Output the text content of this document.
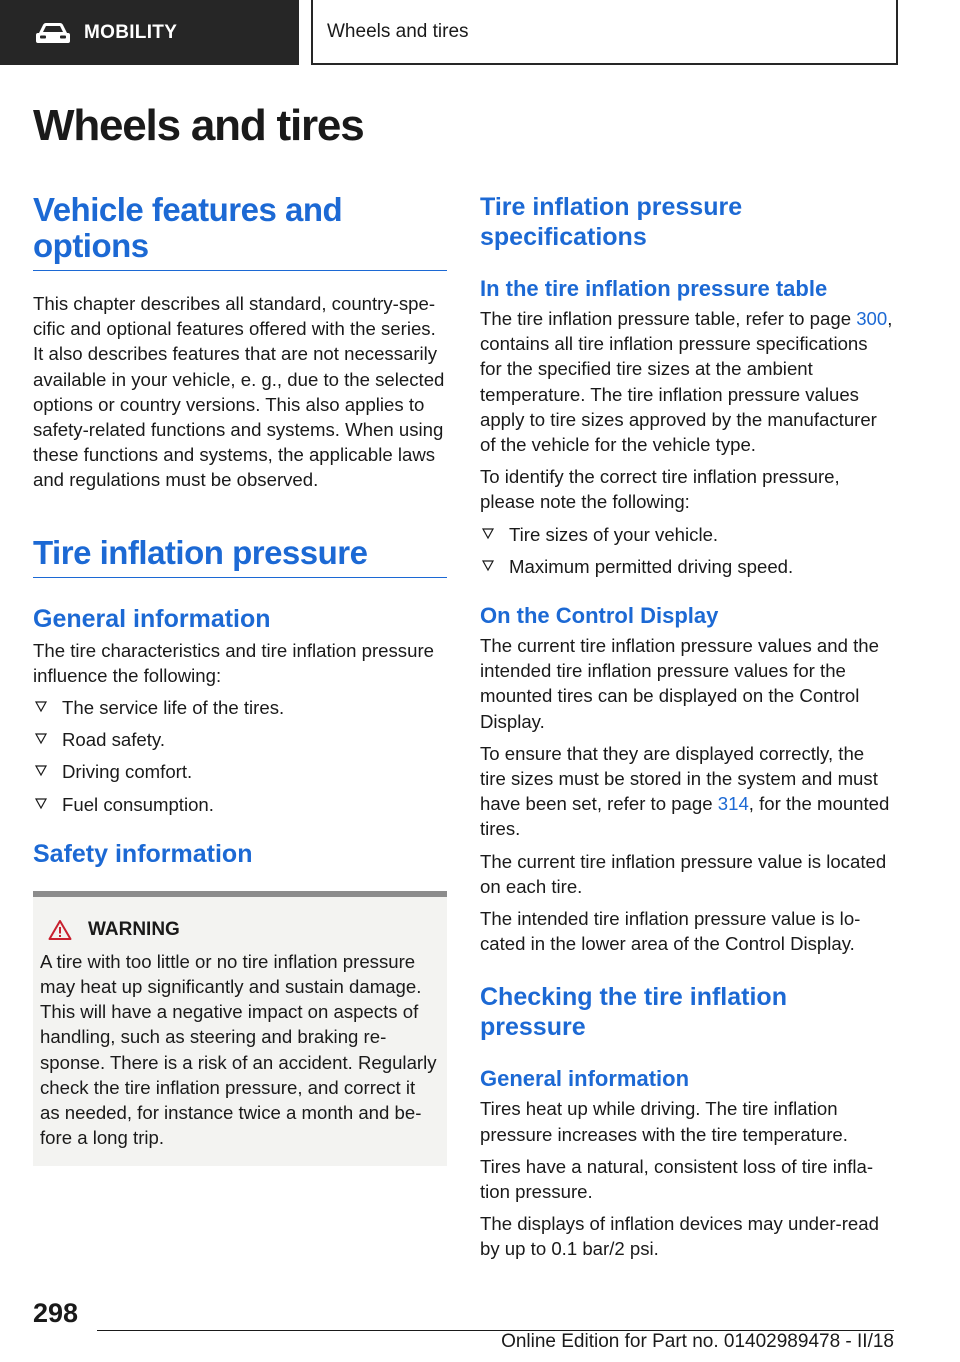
MOBILITY	Wheels and tires
Wheels and tires
Vehicle features and options

This chapter describes all standard, country-specific and optional features offered with the series. It also describes features that are not necessarily available in your vehicle, e. g., due to the selected options or country versions. This also applies to safety-related functions and systems. When using these functions and systems, the applicable laws and regulations must be observed.

Tire inflation pressure
General information

The tire characteristics and tire inflation pressure influence the following:

The service life of the tires.
Road safety.
Driving comfort.
Fuel consumption.
Safety information
WARNING

A tire with too little or no tire inflation pressure may heat up significantly and sustain damage. This will have a negative impact on aspects of handling, such as steering and braking response. There is a risk of an accident. Regularly check the tire inflation pressure, and correct it as needed, for instance twice a month and before a long trip.

Tire inflation pressure specifications
In the tire inflation pressure table

The tire inflation pressure table, refer to page 300, contains all tire inflation pressure specifications for the specified tire sizes at the ambient temperature. The tire inflation pressure values apply to tire sizes approved by the manufacturer of the vehicle for the vehicle type.

To identify the correct tire inflation pressure, please note the following:

Tire sizes of your vehicle.
Maximum permitted driving speed.
On the Control Display

The current tire inflation pressure values and the intended tire inflation pressure values for the mounted tires can be displayed on the Control Display.

To ensure that they are displayed correctly, the tire sizes must be stored in the system and must have been set, refer to page 314, for the mounted tires.

The current tire inflation pressure value is located on each tire.

The intended tire inflation pressure value is located in the lower area of the Control Display.

Checking the tire inflation pressure
General information

Tires heat up while driving. The tire inflation pressure increases with the tire temperature.

Tires have a natural, consistent loss of tire inflation pressure.

The displays of inflation devices may under-read by up to 0.1 bar/2 psi.

298
Online Edition for Part no. 01402989478 - II/18
